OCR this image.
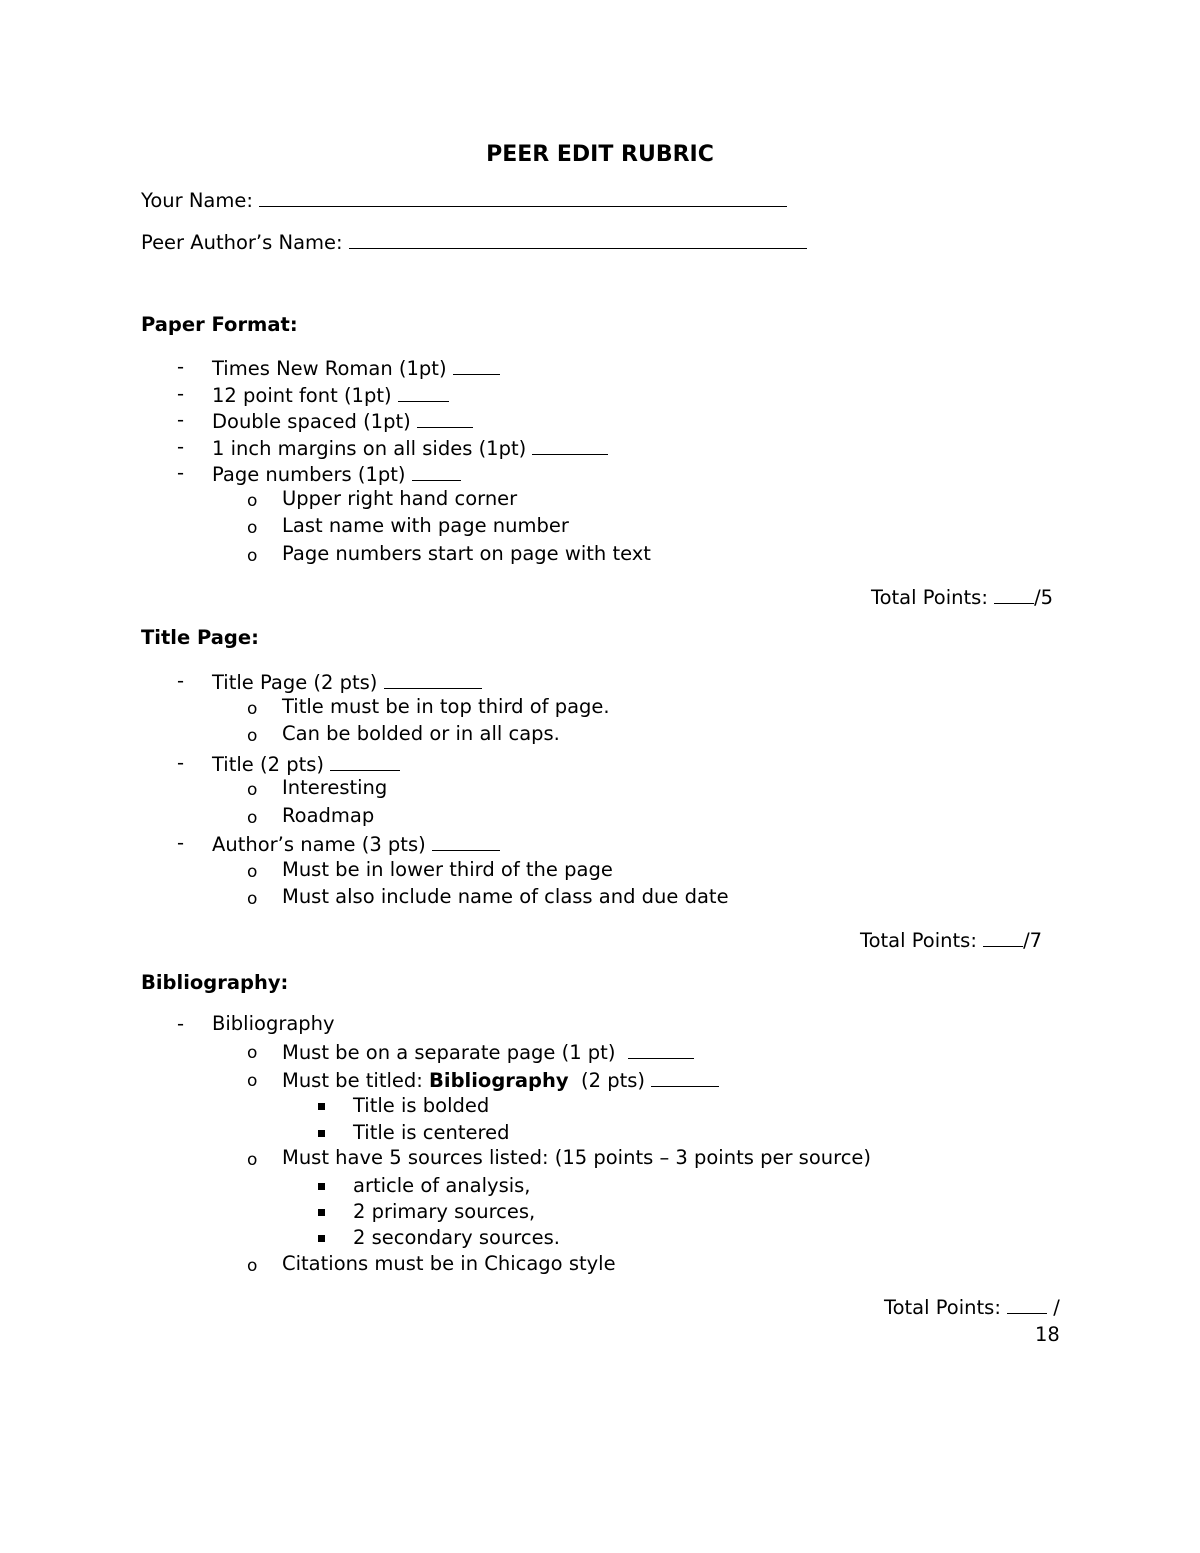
PEER EDIT RUBRIC
Your Name:
Peer Author’s Name:
Paper Format:
- Times New Roman (1pt)
- 12 point font (1pt)
- Double spaced (1pt)
- 1 inch margins on all sides (1pt)
- Page numbers (1pt)
o Upper right hand corner
o Last name with page number
o Page numbers start on page with text
Total Points: /5
Title Page:
- Title Page (2 pts)
o Title must be in top third of page.
o Can be bolded or in all caps.
- Title (2 pts)
o Interesting
o Roadmap
- Author’s name (3 pts)
o Must be in lower third of the page
o Must also include name of class and due date
Total Points: /7
Bibliography:
- Bibliography
o Must be on a separate page (1 pt)
o Must be titled: Bibliography (2 pts)
Title is bolded
Title is centered
o Must have 5 sources listed: (15 points – 3 points per source)
article of analysis,
2 primary sources,
2 secondary sources.
o Citations must be in Chicago style
Total Points:	/
18
